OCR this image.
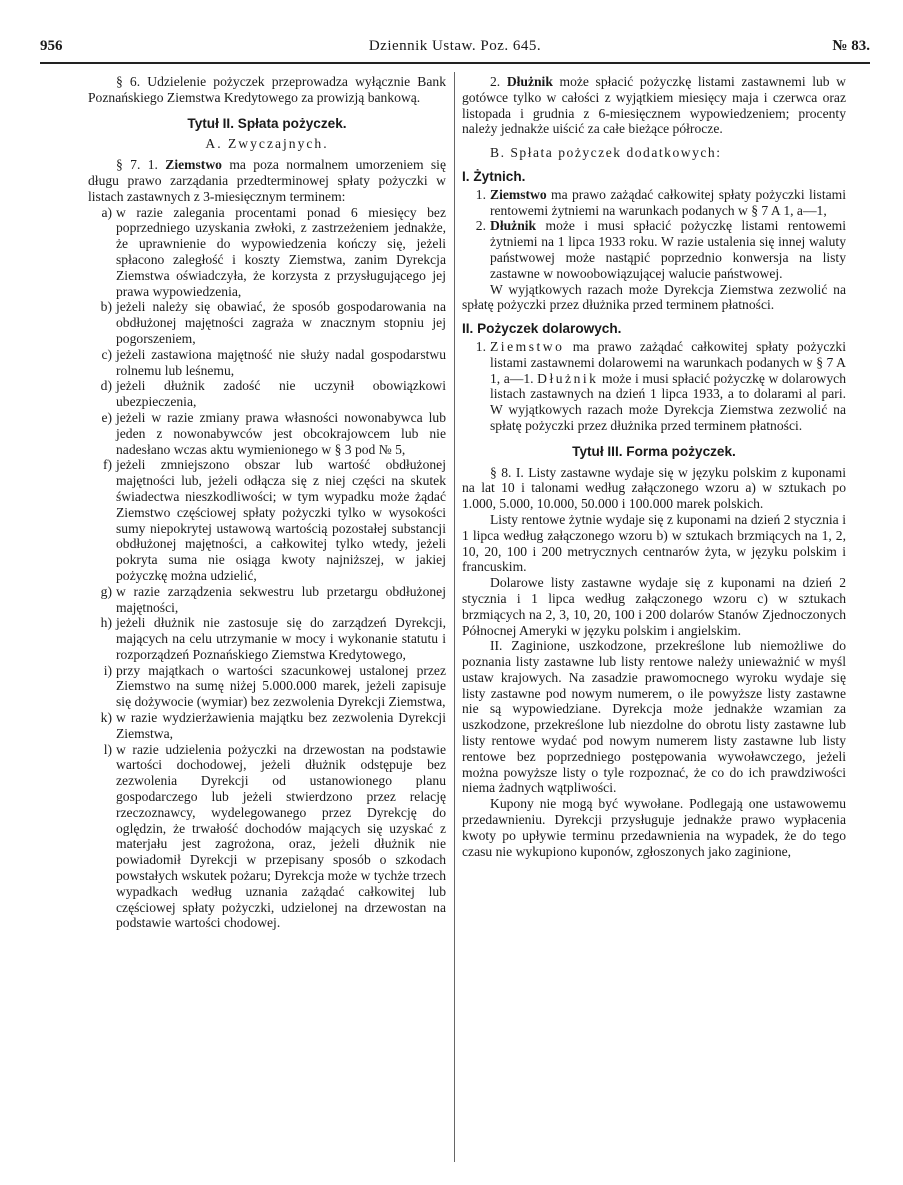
956	Dziennik Ustaw. Poz. 645.	№ 83.

§ 6. Udzielenie pożyczek przeprowadza wyłącznie Bank Poznańskiego Ziemstwa Kredytowego za prowizją bankową.

Tytuł II. Spłata pożyczek.
A. Zwyczajnych.

§ 7. 1. Ziemstwo ma poza normalnem umorzeniem się długu prawo zarządania przedterminowej spłaty pożyczki w listach zastawnych z 3-miesięcznym terminem:

a) w razie zalegania procentami ponad 6 miesięcy bez poprzedniego uzyskania zwłoki, z zastrzeżeniem jednakże, że uprawnienie do wypowiedzenia kończy się, jeżeli spłacono zaległość i koszty Ziemstwa, zanim Dyrekcja Ziemstwa oświadczyła, że korzysta z przysługującego jej prawa wypowiedzenia,
b) jeżeli należy się obawiać, że sposób gospodarowania na obdłużonej majętności zagraża w znacznym stopniu jej pogorszeniem,
c) jeżeli zastawiona majętność nie służy nadal gospodarstwu rolnemu lub leśnemu,
d) jeżeli dłużnik zadość nie uczynił obowiązkowi ubezpieczenia,
e) jeżeli w razie zmiany prawa własności nowonabywca lub jeden z nowonabywców jest obcokrajowcem lub nie nadesłano wczas aktu wymienionego w § 3 pod № 5,
f) jeżeli zmniejszono obszar lub wartość obdłużonej majętności lub, jeżeli odłącza się z niej części na skutek świadectwa nieszkodliwości; w tym wypadku może żądać Ziemstwo częściowej spłaty pożyczki tylko w wysokości sumy niepokrytej ustawową wartością pozostałej substancji obdłużonej majętności, a całkowitej tylko wtedy, jeżeli pokryta suma nie osiąga kwoty najniższej, w jakiej pożyczkę można udzielić,
g) w razie zarządzenia sekwestru lub przetargu obdłużonej majętności,
h) jeżeli dłużnik nie zastosuje się do zarządzeń Dyrekcji, mających na celu utrzymanie w mocy i wykonanie statutu i rozporządzeń Poznańskiego Ziemstwa Kredytowego,
i) przy majątkach o wartości szacunkowej ustalonej przez Ziemstwo na sumę niżej 5.000.000 marek, jeżeli zapisuje się dożywocie (wymiar) bez zezwolenia Dyrekcji Ziemstwa,
k) w razie wydzierżawienia majątku bez zezwolenia Dyrekcji Ziemstwa,
l) w razie udzielenia pożyczki na drzewostan na podstawie wartości dochodowej, jeżeli dłużnik odstępuje bez zezwolenia Dyrekcji od ustanowionego planu gospodarczego lub jeżeli stwierdzono przez relację rzeczoznawcy, wydelegowanego przez Dyrekcję do oględzin, że trwałość dochodów mających się uzyskać z materjału jest zagrożona, oraz, jeżeli dłużnik nie powiadomił Dyrekcji w przepisany sposób o szkodach powstałych wskutek pożaru; Dyrekcja może w tychże trzech wypadkach według uznania zażądać całkowitej lub częściowej spłaty pożyczki, udzielonej na drzewostan na podstawie wartości chodowej.

2. Dłużnik może spłacić pożyczkę listami zastawnemi lub w gotówce tylko w całości z wyjątkiem miesięcy maja i czerwca oraz listopada i grudnia z 6-miesięcznem wypowiedzeniem; procenty należy jednakże uiścić za całe bieżące półrocze.

B. Spłata pożyczek dodatkowych:

I. Żytnich.
1. Ziemstwo ma prawo zażądać całkowitej spłaty pożyczki listami rentowemi żytniemi na warunkach podanych w § 7 A 1, a—1,
2. Dłużnik może i musi spłacić pożyczkę listami rentowemi żytniemi na 1 lipca 1933 roku. W razie ustalenia się innej waluty państwowej może nastąpić poprzednio konwersja na listy zastawne w nowoobowiązującej walucie państwowej.

W wyjątkowych razach może Dyrekcja Ziemstwa zezwolić na spłatę pożyczki przez dłużnika przed terminem płatności.

II. Pożyczek dolarowych.
1. Ziemstwo ma prawo zażądać całkowitej spłaty pożyczki listami zastawnemi dolarowemi na warunkach podanych w § 7 A 1, a—1. Dłużnik może i musi spłacić pożyczkę w dolarowych listach zastawnych na dzień 1 lipca 1933, a to dolarami al pari. W wyjątkowych razach może Dyrekcja Ziemstwa zezwolić na spłatę pożyczki przez dłużnika przed terminem płatności.
Tytuł III. Forma pożyczek.

§ 8. I. Listy zastawne wydaje się w języku polskim z kuponami na lat 10 i talonami według załączonego wzoru a) w sztukach po 1.000, 5.000, 10.000, 50.000 i 100.000 marek polskich.

Listy rentowe żytnie wydaje się z kuponami na dzień 2 stycznia i 1 lipca według załączonego wzoru b) w sztukach brzmiących na 1, 2, 10, 20, 100 i 200 metrycznych centnarów żyta, w języku polskim i francuskim.

Dolarowe listy zastawne wydaje się z kuponami na dzień 2 stycznia i 1 lipca według załączonego wzoru c) w sztukach brzmiących na 2, 3, 10, 20, 100 i 200 dolarów Stanów Zjednoczonych Północnej Ameryki w języku polskim i angielskim.

II. Zaginione, uszkodzone, przekreślone lub niemożliwe do poznania listy zastawne lub listy rentowe należy unieważnić w myśl ustaw krajowych. Na zasadzie prawomocnego wyroku wydaje się listy zastawne pod nowym numerem, o ile powyższe listy zastawne nie są wypowiedziane. Dyrekcja może jednakże wzamian za uszkodzone, przekreślone lub niezdolne do obrotu listy zastawne lub listy rentowe wydać pod nowym numerem listy zastawne lub listy rentowe bez poprzedniego postępowania wywoławczego, jeżeli można powyższe listy o tyle rozpoznać, że co do ich prawdziwości niema żadnych wątpliwości.

Kupony nie mogą być wywołane. Podlegają one ustawowemu przedawnieniu. Dyrekcji przysługuje jednakże prawo wypłacenia kwoty po upływie terminu przedawnienia na wypadek, że do tego czasu nie wykupiono kuponów, zgłoszonych jako zaginione,
